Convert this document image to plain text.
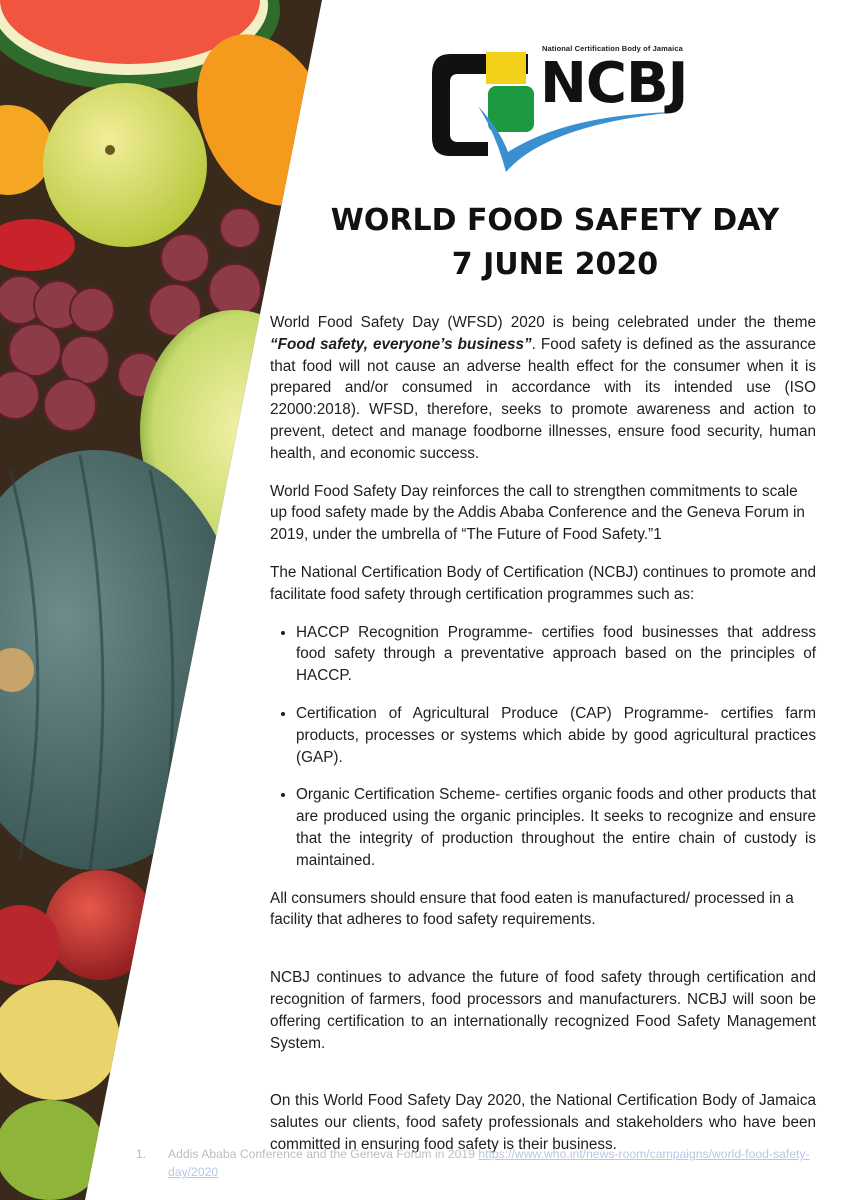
National Certification Body of Jamaica
NCBJ
WORLD FOOD SAFETY DAY
7 JUNE 2020

World Food Safety Day (WFSD) 2020 is being celebrated under the theme “Food safety, everyone’s business”. Food safety is defined as the assurance that food will not cause an adverse health effect for the consumer when it is prepared and/or consumed in accordance with its intended use (ISO 22000:2018). WFSD, therefore, seeks to promote awareness and action to prevent, detect and manage foodborne illnesses, ensure food security, human health, and economic success.

World Food Safety Day reinforces the call to strengthen commitments to scale up food safety made by the Addis Ababa Conference and the Geneva Forum in 2019, under the umbrella of “The Future of Food Safety.”1

The National Certification Body of Certification (NCBJ) continues to promote and facilitate food safety through certification programmes such as:

• HACCP Recognition Programme- certifies food businesses that address food safety through a preventative approach based on the principles of HACCP.
• Certification of Agricultural Produce (CAP) Programme- certifies farm products, processes or systems which abide by good agricultural practices (GAP).
• Organic Certification Scheme- certifies organic foods and other products that are produced using the organic principles. It seeks to recognize and ensure that the integrity of production throughout the entire chain of custody is maintained.

All consumers should ensure that food eaten is manufactured/ processed in a facility that adheres to food safety requirements.

NCBJ continues to advance the future of food safety through certification and recognition of farmers, food processors and manufacturers. NCBJ will soon be offering certification to an internationally recognized Food Safety Management System.

On this World Food Safety Day 2020, the National Certification Body of Jamaica salutes our clients, food safety professionals and stakeholders who have been committed in ensuring food safety is their business.

1. Addis Ababa Conference and the Geneva Forum in 2019 https://www.who.int/news-room/campaigns/world-food-safety-day/2020
